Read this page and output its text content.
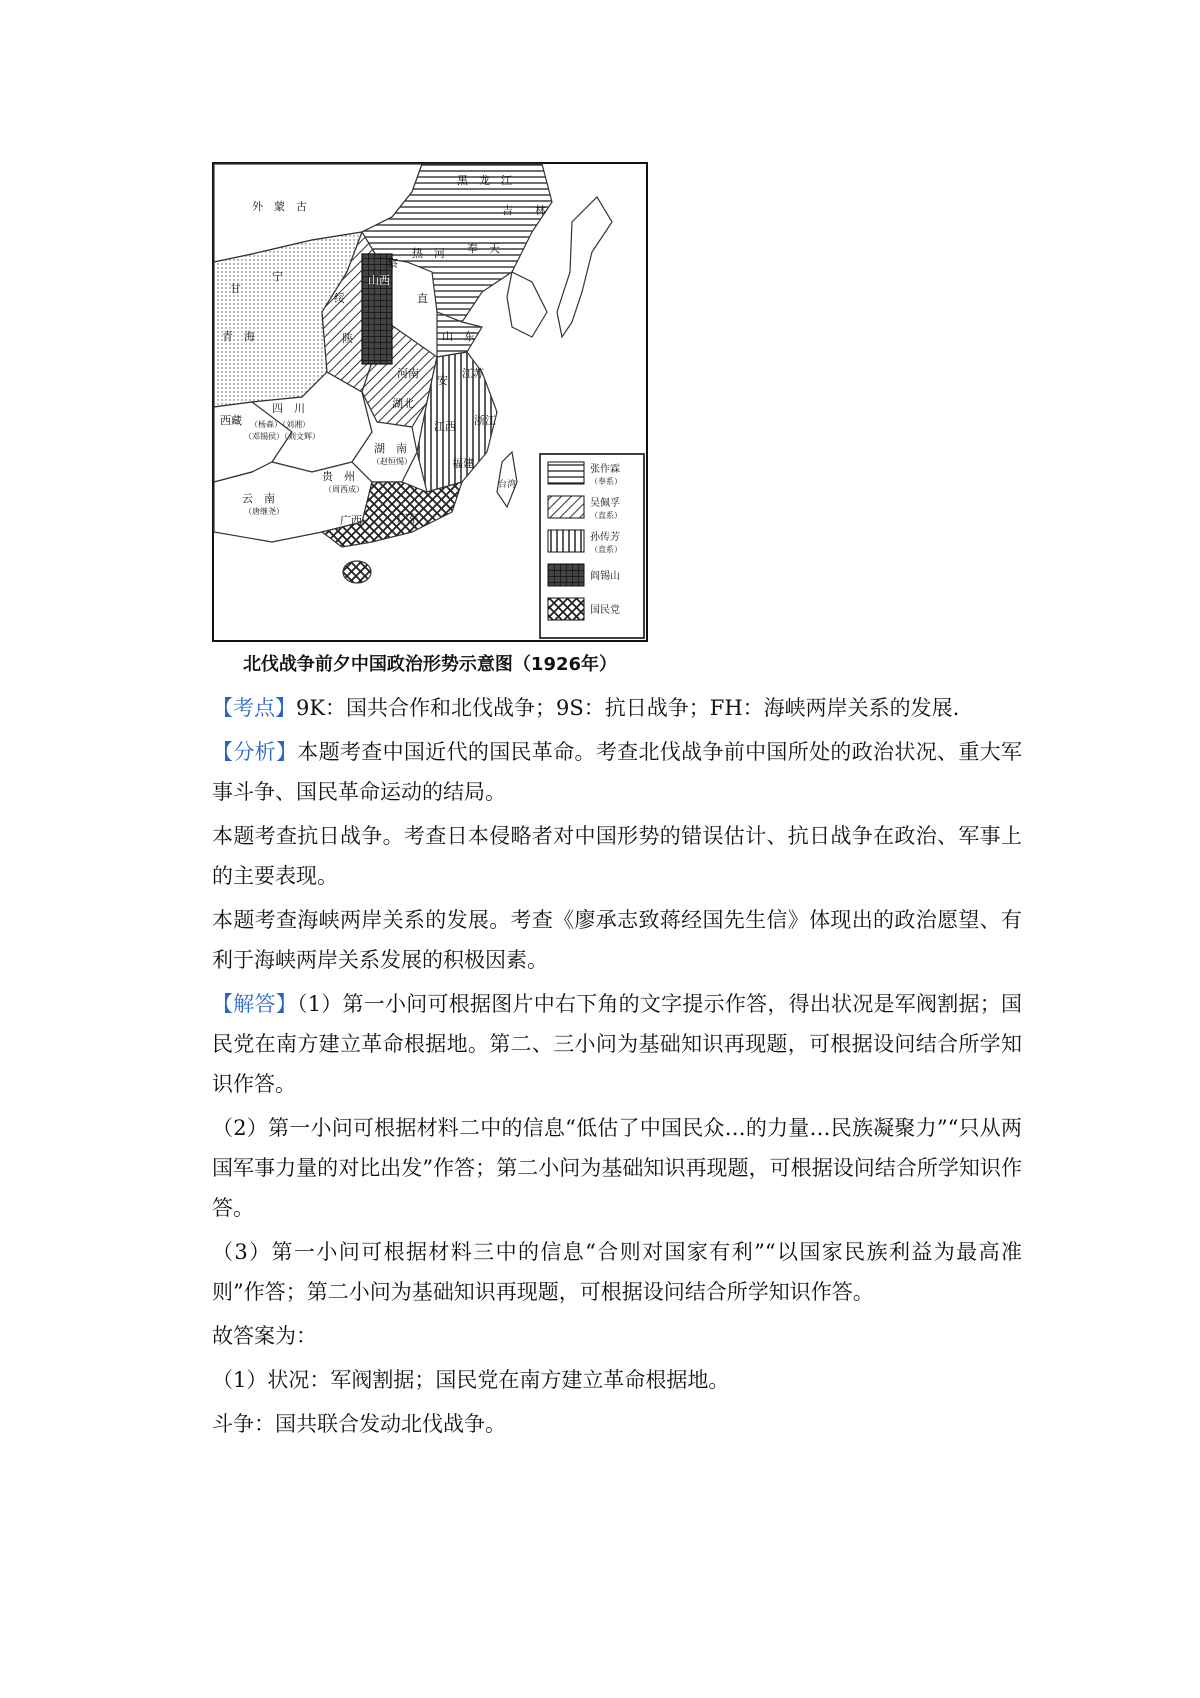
外　蒙　古
黑　龙　江
吉　　林
奉　天
热　河
察
绥
甘
宁
青　海
西藏
四　川
（杨森）（刘湘）
（邓锡侯）（刘文辉）
云　南
（唐继尧）
贵　州
（周西成）
湖　南
（赵恒惕）
山　东
直
山西
河南
湖北
陕
安
江苏
江西 浙江
福建
广东
广西
台湾
张作霖
（奉系）
吴佩孚
（直系）
孙传芳
（直系）
阎锡山
国民党
北伐战争前夕中国政治形势示意图（1926年）

【考点】9K：国共合作和北伐战争；9S：抗日战争；FH：海峡两岸关系的发展.

【分析】本题考查中国近代的国民革命。考查北伐战争前中国所处的政治状况、重大军事斗争、国民革命运动的结局。

本题考查抗日战争。考查日本侵略者对中国形势的错误估计、抗日战争在政治、军事上的主要表现。

本题考查海峡两岸关系的发展。考查《廖承志致蒋经国先生信》体现出的政治愿望、有利于海峡两岸关系发展的积极因素。

【解答】（1）第一小问可根据图片中右下角的文字提示作答，得出状况是军阀割据；国民党在南方建立革命根据地。第二、三小问为基础知识再现题，可根据设问结合所学知识作答。

（2）第一小问可根据材料二中的信息“低估了中国民众…的力量…民族凝聚力”“只从两国军事力量的对比出发”作答；第二小问为基础知识再现题，可根据设问结合所学知识作答。

（3）第一小问可根据材料三中的信息“合则对国家有利”“以国家民族利益为最高准则”作答；第二小问为基础知识再现题，可根据设问结合所学知识作答。

故答案为：

（1）状况：军阀割据；国民党在南方建立革命根据地。

斗争：国共联合发动北伐战争。
